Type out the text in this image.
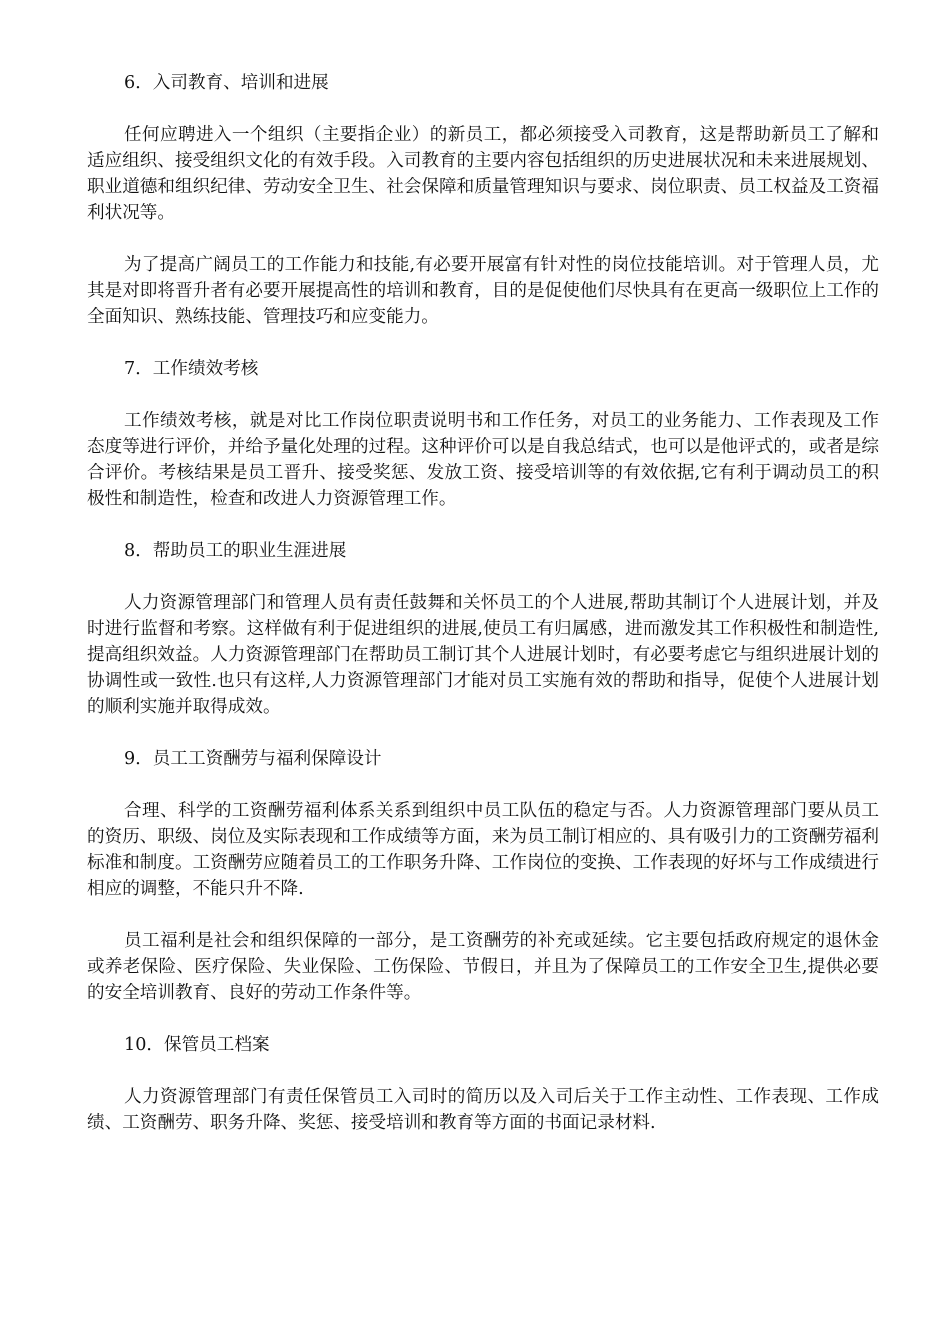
6．入司教育、培训和进展

任何应聘进入一个组织（主要指企业）的新员工，都必须接受入司教育，这是帮助新员工了解和适应组织、接受组织文化的有效手段。入司教育的主要内容包括组织的历史进展状况和未来进展规划、职业道德和组织纪律、劳动安全卫生、社会保障和质量管理知识与要求、岗位职责、员工权益及工资福利状况等。

为了提高广阔员工的工作能力和技能,有必要开展富有针对性的岗位技能培训。对于管理人员，尤其是对即将晋升者有必要开展提高性的培训和教育，目的是促使他们尽快具有在更高一级职位上工作的全面知识、熟练技能、管理技巧和应变能力。

7．工作绩效考核

工作绩效考核，就是对比工作岗位职责说明书和工作任务，对员工的业务能力、工作表现及工作态度等进行评价，并给予量化处理的过程。这种评价可以是自我总结式，也可以是他评式的，或者是综合评价。考核结果是员工晋升、接受奖惩、发放工资、接受培训等的有效依据,它有利于调动员工的积极性和制造性，检查和改进人力资源管理工作。

8．帮助员工的职业生涯进展

人力资源管理部门和管理人员有责任鼓舞和关怀员工的个人进展,帮助其制订个人进展计划，并及时进行监督和考察。这样做有利于促进组织的进展,使员工有归属感，进而激发其工作积极性和制造性,提高组织效益。人力资源管理部门在帮助员工制订其个人进展计划时，有必要考虑它与组织进展计划的协调性或一致性.也只有这样,人力资源管理部门才能对员工实施有效的帮助和指导，促使个人进展计划的顺利实施并取得成效。

9．员工工资酬劳与福利保障设计

合理、科学的工资酬劳福利体系关系到组织中员工队伍的稳定与否。人力资源管理部门要从员工的资历、职级、岗位及实际表现和工作成绩等方面，来为员工制订相应的、具有吸引力的工资酬劳福利标准和制度。工资酬劳应随着员工的工作职务升降、工作岗位的变换、工作表现的好坏与工作成绩进行相应的调整，不能只升不降.

员工福利是社会和组织保障的一部分，是工资酬劳的补充或延续。它主要包括政府规定的退休金或养老保险、医疗保险、失业保险、工伤保险、节假日，并且为了保障员工的工作安全卫生,提供必要的安全培训教育、良好的劳动工作条件等。

10．保管员工档案

人力资源管理部门有责任保管员工入司时的简历以及入司后关于工作主动性、工作表现、工作成绩、工资酬劳、职务升降、奖惩、接受培训和教育等方面的书面记录材料.
